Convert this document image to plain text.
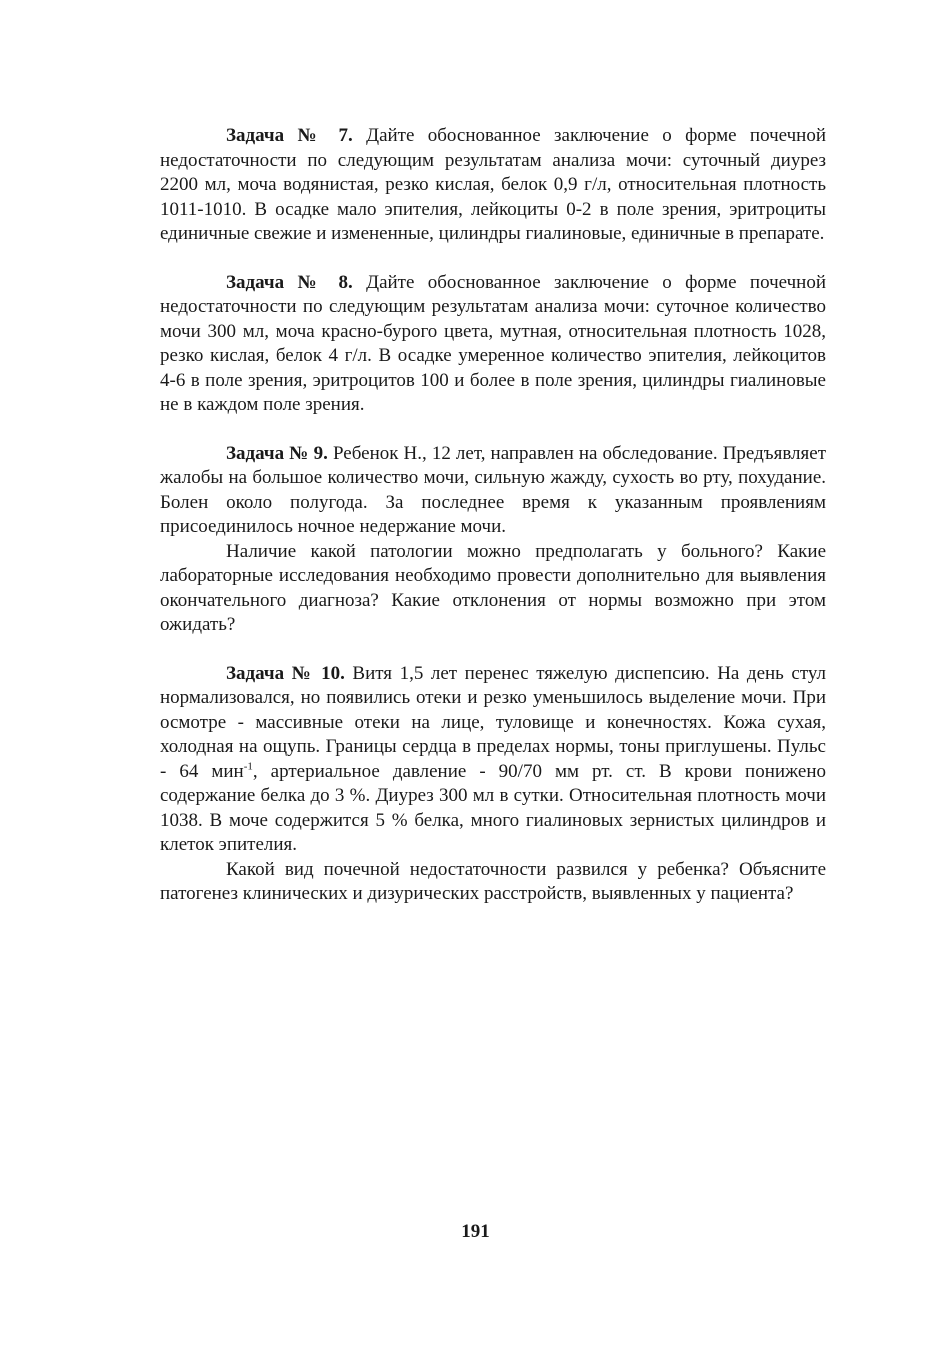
Задача № 7. Дайте обоснованное заключение о форме почечной недостаточности по следующим результатам анализа мочи: суточный диурез 2200 мл, моча водянистая, резко кислая, белок 0,9 г/л, относительная плотность 1011-1010. В осадке мало эпителия, лейкоциты 0-2 в поле зрения, эритроциты единичные свежие и измененные, цилиндры гиалиновые, единичные в препарате.

Задача № 8. Дайте обоснованное заключение о форме почечной недостаточности по следующим результатам анализа мочи: суточное количество мочи 300 мл, моча красно-бурого цвета, мутная, относительная плотность 1028, резко кислая, белок 4 г/л. В осадке умеренное количество эпителия, лейкоцитов 4-6 в поле зрения, эритроцитов 100 и более в поле зрения, цилиндры гиалиновые не в каждом поле зрения.

Задача № 9. Ребенок Н., 12 лет, направлен на обследование. Предъявляет жалобы на большое количество мочи, сильную жажду, сухость во рту, похудание. Болен около полугода. За последнее время к указанным проявлениям присоединилось ночное недержание мочи.

Наличие какой патологии можно предполагать у больного? Какие лабораторные исследования необходимо провести дополнительно для выявления окончательного диагноза? Какие отклонения от нормы возможно при этом ожидать?

Задача № 10. Витя 1,5 лет перенес тяжелую диспепсию. На день стул нормализовался, но появились отеки и резко уменьшилось выделение мочи. При осмотре - массивные отеки на лице, туловище и конечностях. Кожа сухая, холодная на ощупь. Границы сердца в пределах нормы, тоны приглушены. Пульс - 64 мин$^{-1}$, артериальное давление - 90/70 мм рт. ст. В крови понижено содержание белка до 3 %. Диурез 300 мл в сутки. Относительная плотность мочи 1038. В моче содержится 5 % белка, много гиалиновых зернистых цилиндров и клеток эпителия.

Какой вид почечной недостаточности развился у ребенка? Объясните патогенез клинических и дизурических расстройств, выявленных у пациента?

191
